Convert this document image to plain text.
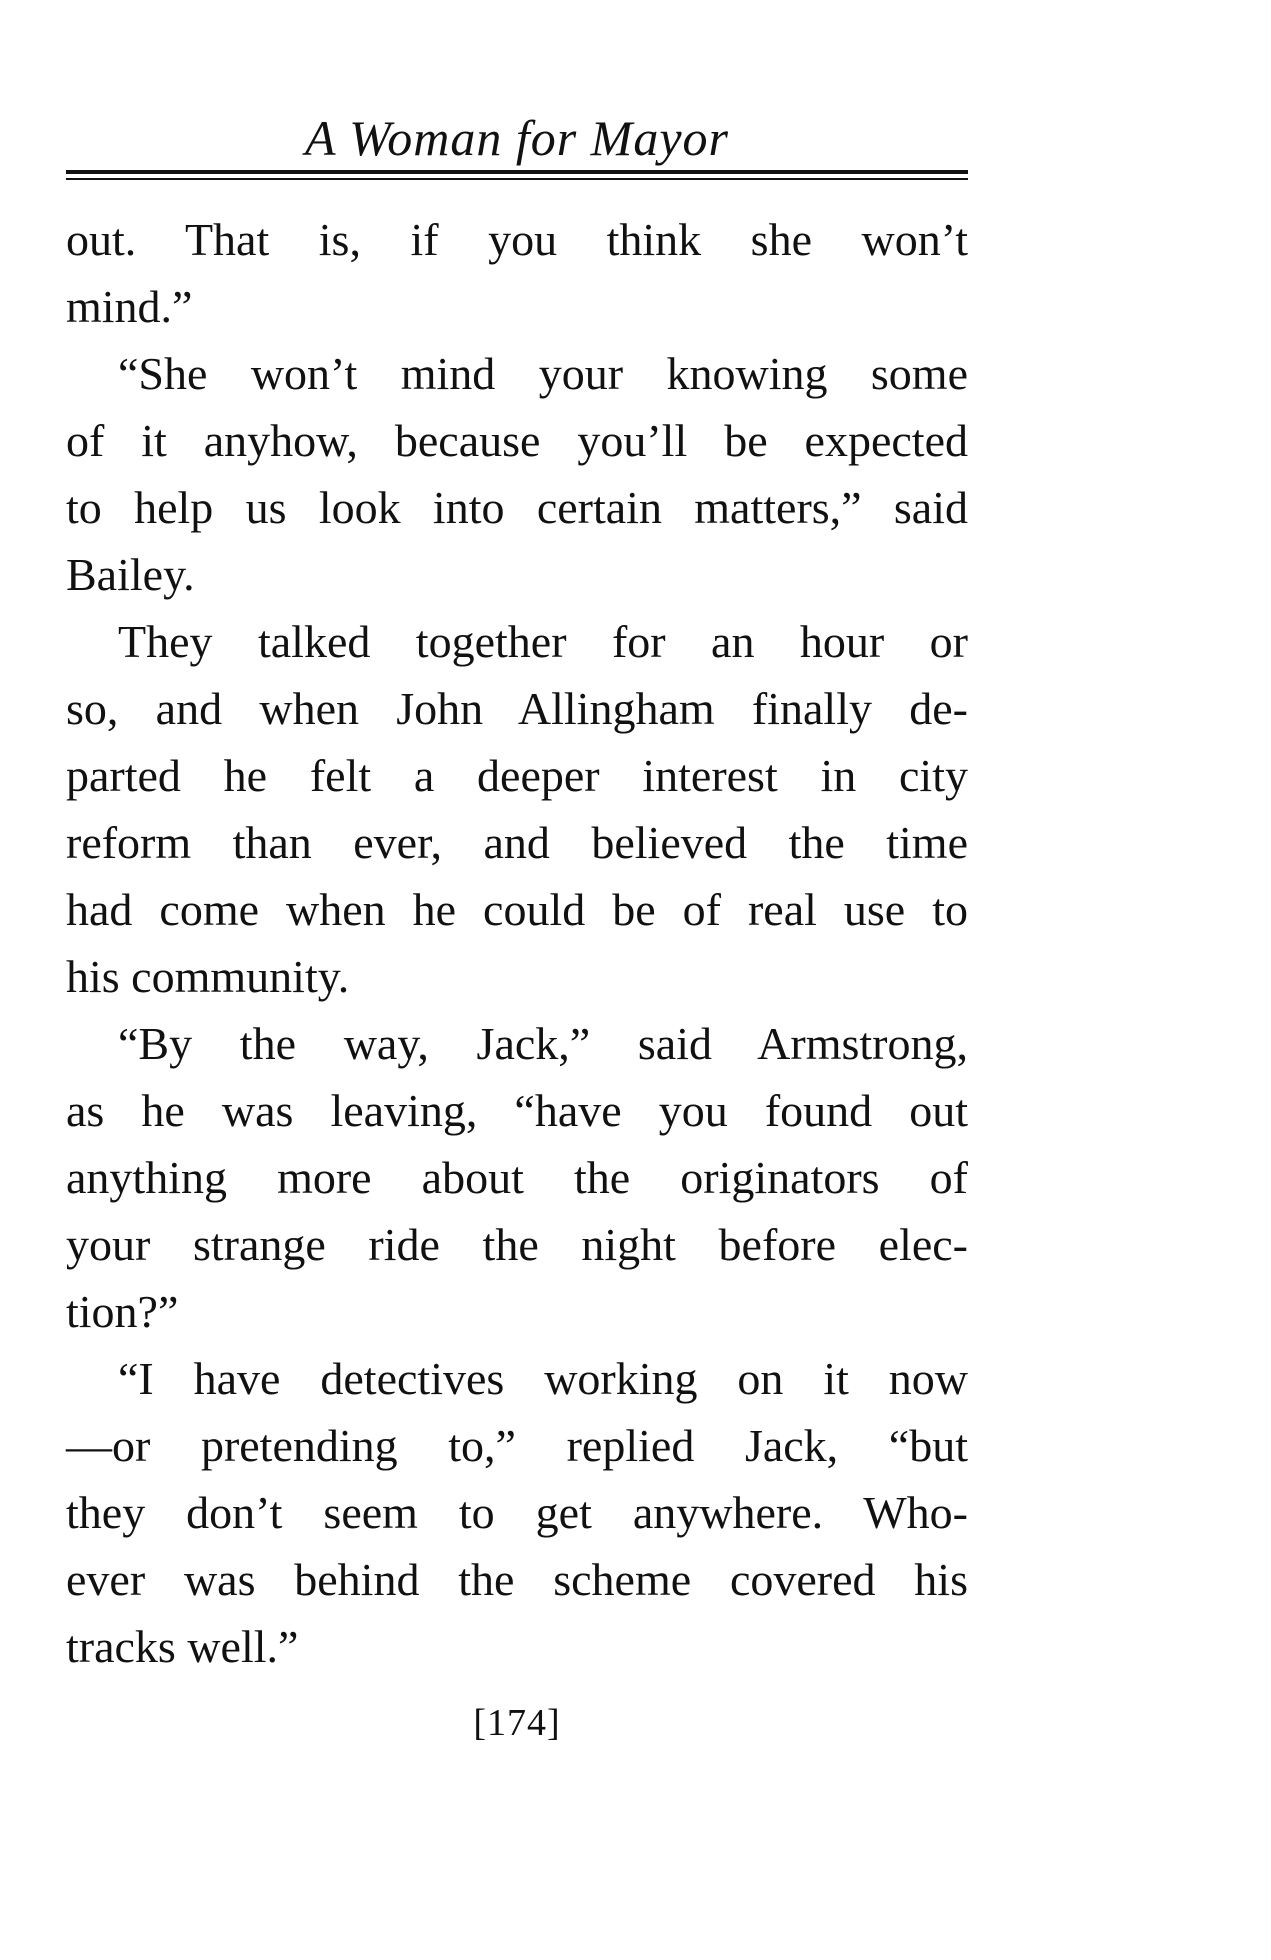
A Woman for Mayor
out. That is, if you think she won’t
mind.”
“She won’t mind your knowing some
of it anyhow, because you’ll be expected
to help us look into certain matters,” said
Bailey.
They talked together for an hour or
so, and when John Allingham finally de-
parted he felt a deeper interest in city
reform than ever, and believed the time
had come when he could be of real use to
his community.
“By the way, Jack,” said Armstrong,
as he was leaving, “have you found out
anything more about the originators of
your strange ride the night before elec-
tion?”
“I have detectives working on it now
—or pretending to,” replied Jack, “but
they don’t seem to get anywhere. Who-
ever was behind the scheme covered his
tracks well.”
[174]
